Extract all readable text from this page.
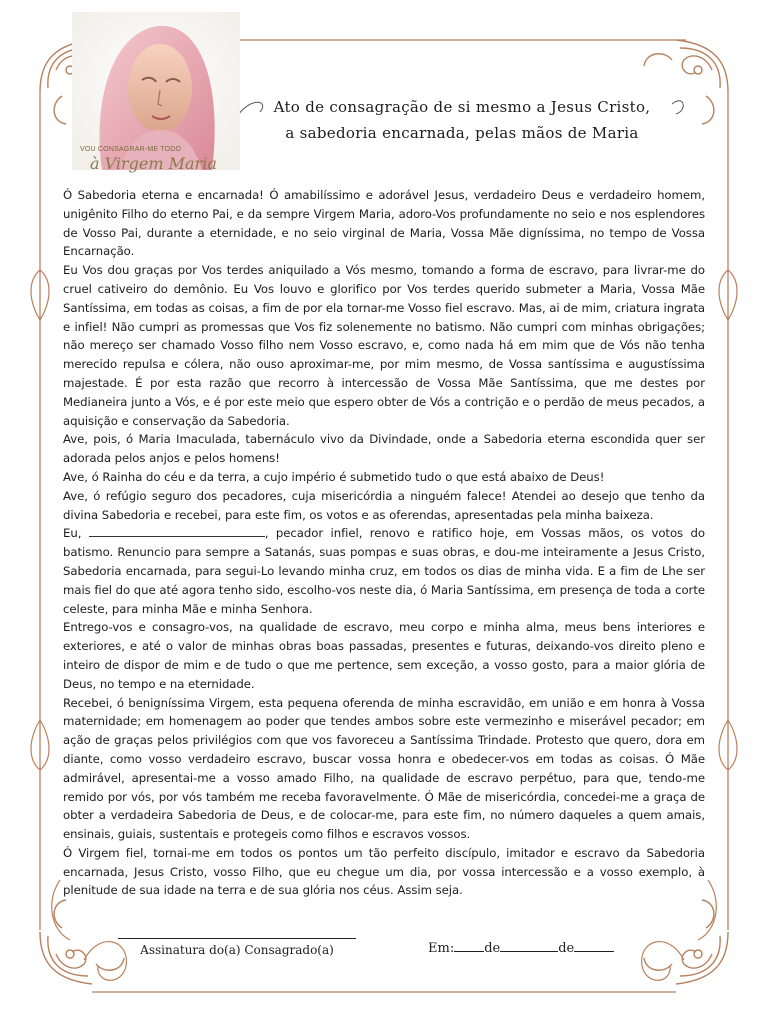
VOU CONSAGRAR-ME TODO
à Virgem Maria
Ato de consagração de si mesmo a Jesus Cristo,
a sabedoria encarnada, pelas mãos de Maria

Ó Sabedoria eterna e encarnada! Ó amabilíssimo e adorável Jesus, verdadeiro Deus e verdadeiro homem, unigênito Filho do eterno Pai, e da sempre Virgem Maria, adoro-Vos profundamente no seio e nos esplendores de Vosso Pai, durante a eternidade, e no seio virginal de Maria, Vossa Mãe digníssima, no tempo de Vossa Encarnação.

Eu Vos dou graças por Vos terdes aniquilado a Vós mesmo, tomando a forma de escravo, para livrar-me do cruel cativeiro do demônio. Eu Vos louvo e glorifico por Vos terdes querido submeter a Maria, Vossa Mãe Santíssima, em todas as coisas, a fim de por ela tornar-me Vosso fiel escravo. Mas, ai de mim, criatura ingrata e infiel! Não cumpri as promessas que Vos fiz solenemente no batismo. Não cumpri com minhas obrigações; não mereço ser chamado Vosso filho nem Vosso escravo, e, como nada há em mim que de Vós não tenha merecido repulsa e cólera, não ouso aproximar-me, por mim mesmo, de Vossa santíssima e augustíssima majestade. É por esta razão que recorro à intercessão de Vossa Mãe Santíssima, que me destes por Medianeira junto a Vós, e é por este meio que espero obter de Vós a contrição e o perdão de meus pecados, a aquisição e conservação da Sabedoria.

Ave, pois, ó Maria Imaculada, tabernáculo vivo da Divindade, onde a Sabedoria eterna escondida quer ser adorada pelos anjos e pelos homens!

Ave, ó Rainha do céu e da terra, a cujo império é submetido tudo o que está abaixo de Deus!

Ave, ó refúgio seguro dos pecadores, cuja misericórdia a ninguém falece! Atendei ao desejo que tenho da divina Sabedoria e recebei, para este fim, os votos e as oferendas, apresentadas pela minha baixeza.

Eu,	, pecador infiel, renovo e ratifico hoje, em Vossas mãos, os votos do batismo. Renuncio para sempre a Satanás, suas pompas e suas obras, e dou-me inteiramente a Jesus Cristo, Sabedoria encarnada, para segui-Lo levando minha cruz, em todos os dias de minha vida. E a fim de Lhe ser mais fiel do que até agora tenho sido, escolho-vos neste dia, ó Maria Santíssima, em presença de toda a corte celeste, para minha Mãe e minha Senhora.

Entrego-vos e consagro-vos, na qualidade de escravo, meu corpo e minha alma, meus bens interiores e exteriores, e até o valor de minhas obras boas passadas, presentes e futuras, deixando-vos direito pleno e inteiro de dispor de mim e de tudo o que me pertence, sem exceção, a vosso gosto, para a maior glória de Deus, no tempo e na eternidade.

Recebei, ó benigníssima Virgem, esta pequena oferenda de minha escravidão, em união e em honra à Vossa maternidade; em homenagem ao poder que tendes ambos sobre este vermezinho e miserável pecador; em ação de graças pelos privilégios com que vos favoreceu a Santíssima Trindade. Protesto que quero, dora em diante, como vosso verdadeiro escravo, buscar vossa honra e obedecer-vos em todas as coisas. Ó Mãe admirável, apresentai-me a vosso amado Filho, na qualidade de escravo perpétuo, para que, tendo-me remido por vós, por vós também me receba favoravelmente. Ó Mãe de misericórdia, concedei-me a graça de obter a verdadeira Sabedoria de Deus, e de colocar-me, para este fim, no número daqueles a quem amais, ensinais, guiais, sustentais e protegeis como filhos e escravos vossos.

Ó Virgem fiel, tornai-me em todos os pontos um tão perfeito discípulo, imitador e escravo da Sabedoria encarnada, Jesus Cristo, vosso Filho, que eu chegue um dia, por vossa intercessão e a vosso exemplo, à plenitude de sua idade na terra e de sua glória nos céus. Assim seja.

Assinatura do(a) Consagrado(a)	Em: de	de
